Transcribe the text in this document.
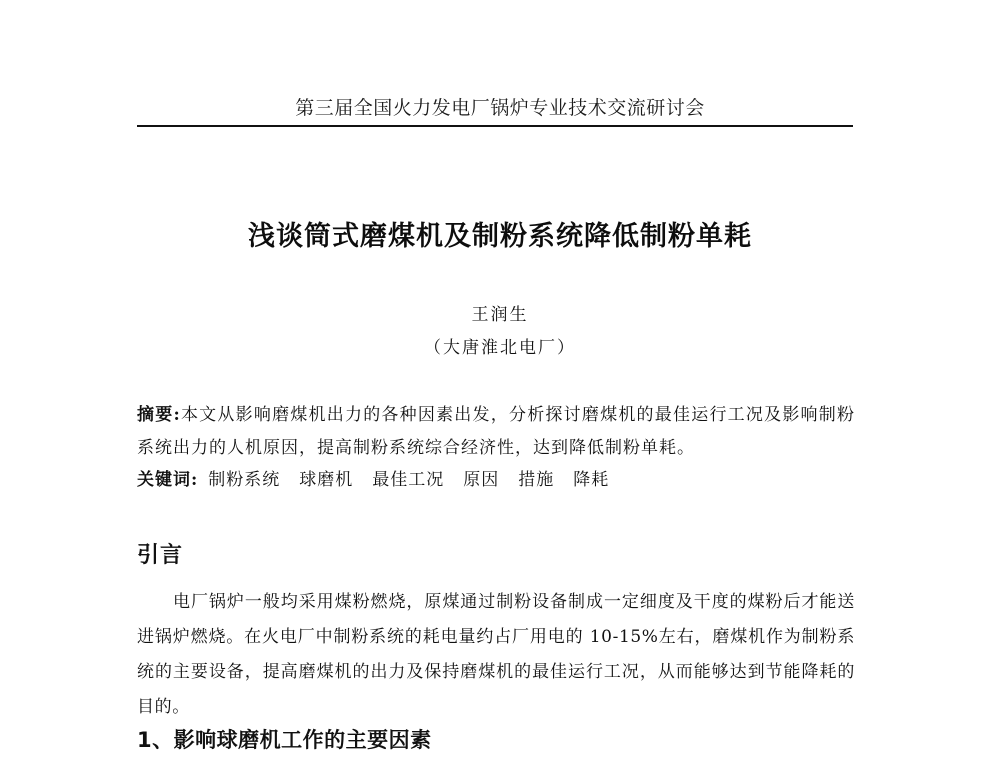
第三届全国火力发电厂锅炉专业技术交流研讨会
浅谈筒式磨煤机及制粉系统降低制粉单耗
王润生
（大唐淮北电厂）
摘要:本文从影响磨煤机出力的各种因素出发，分析探讨磨煤机的最佳运行工况及影响制粉系统出力的人机原因，提高制粉系统综合经济性，达到降低制粉单耗。
关键词: 制粉系统 球磨机 最佳工况 原因 措施 降耗
引言
电厂锅炉一般均采用煤粉燃烧，原煤通过制粉设备制成一定细度及干度的煤粉后才能送进锅炉燃烧。在火电厂中制粉系统的耗电量约占厂用电的 10-15%左右，磨煤机作为制粉系统的主要设备，提高磨煤机的出力及保持磨煤机的最佳运行工况，从而能够达到节能降耗的目的。
1、影响球磨机工作的主要因素
